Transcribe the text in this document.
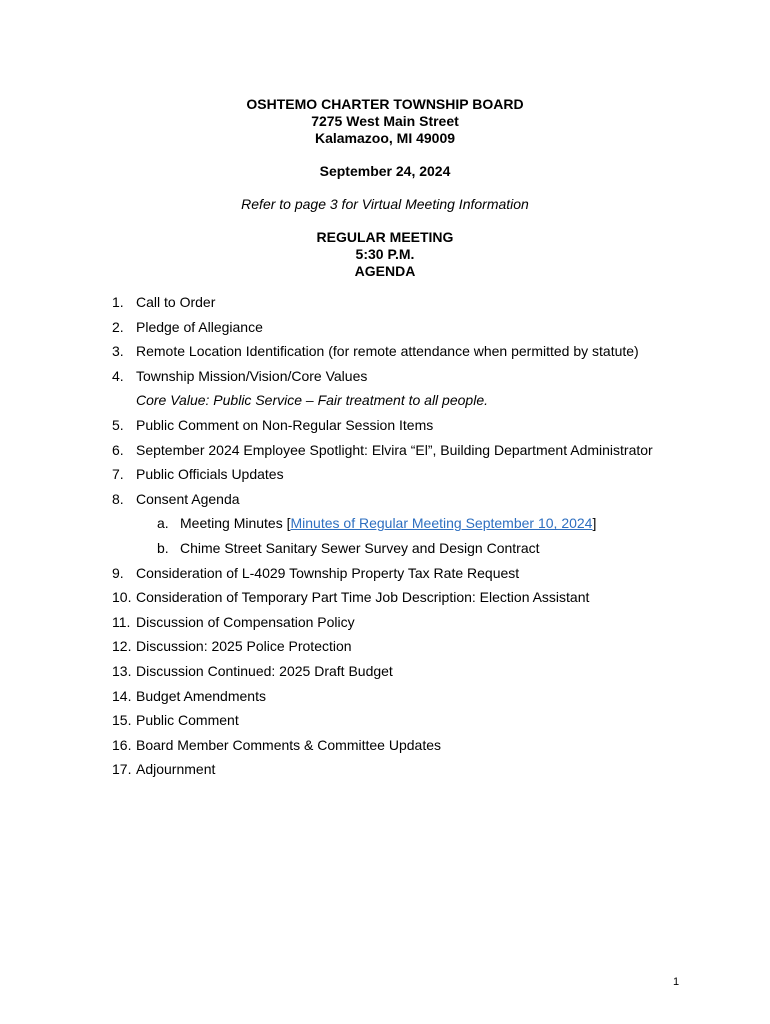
OSHTEMO CHARTER TOWNSHIP BOARD
7275 West Main Street
Kalamazoo, MI 49009
September 24, 2024
Refer to page 3 for Virtual Meeting Information
REGULAR MEETING
5:30 P.M.
AGENDA
1. Call to Order
2. Pledge of Allegiance
3. Remote Location Identification (for remote attendance when permitted by statute)
4. Township Mission/Vision/Core Values
Core Value: Public Service – Fair treatment to all people.
5. Public Comment on Non-Regular Session Items
6. September 2024 Employee Spotlight: Elvira “El”, Building Department Administrator
7. Public Officials Updates
8. Consent Agenda
a. Meeting Minutes [Minutes of Regular Meeting September 10, 2024]
b. Chime Street Sanitary Sewer Survey and Design Contract
9. Consideration of L-4029 Township Property Tax Rate Request
10. Consideration of Temporary Part Time Job Description: Election Assistant
11. Discussion of Compensation Policy
12. Discussion: 2025 Police Protection
13. Discussion Continued: 2025 Draft Budget
14. Budget Amendments
15. Public Comment
16. Board Member Comments & Committee Updates
17. Adjournment
1
